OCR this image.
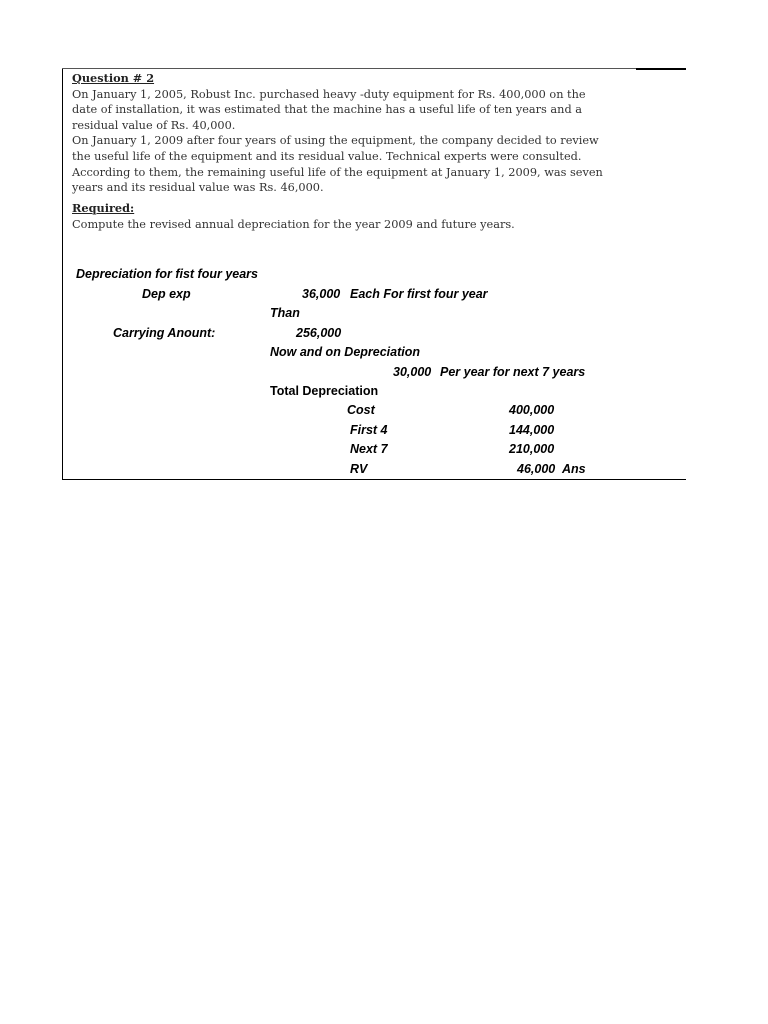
Question # 2
On January 1, 2005, Robust Inc. purchased heavy -duty equipment for Rs. 400,000 on the
date of installation, it was estimated that the machine has a useful life of ten years and a
residual value of Rs. 40,000.
On January 1, 2009 after four years of using the equipment, the company decided to review
the useful life of the equipment and its residual value. Technical experts were consulted.
According to them, the remaining useful life of the equipment at January 1, 2009, was seven
years and its residual value was Rs. 46,000.
Required:
Compute the revised annual depreciation for the year 2009 and future years.
Depreciation for fist four years
Dep exp	36,000 Each For first four year
Than
Carrying Anount:	256,000
Now and on Depreciation
30,000 Per year for next 7 years
Total Depreciation
Cost	400,000
First 4	144,000
Next 7	210,000
RV	46,000 Ans
